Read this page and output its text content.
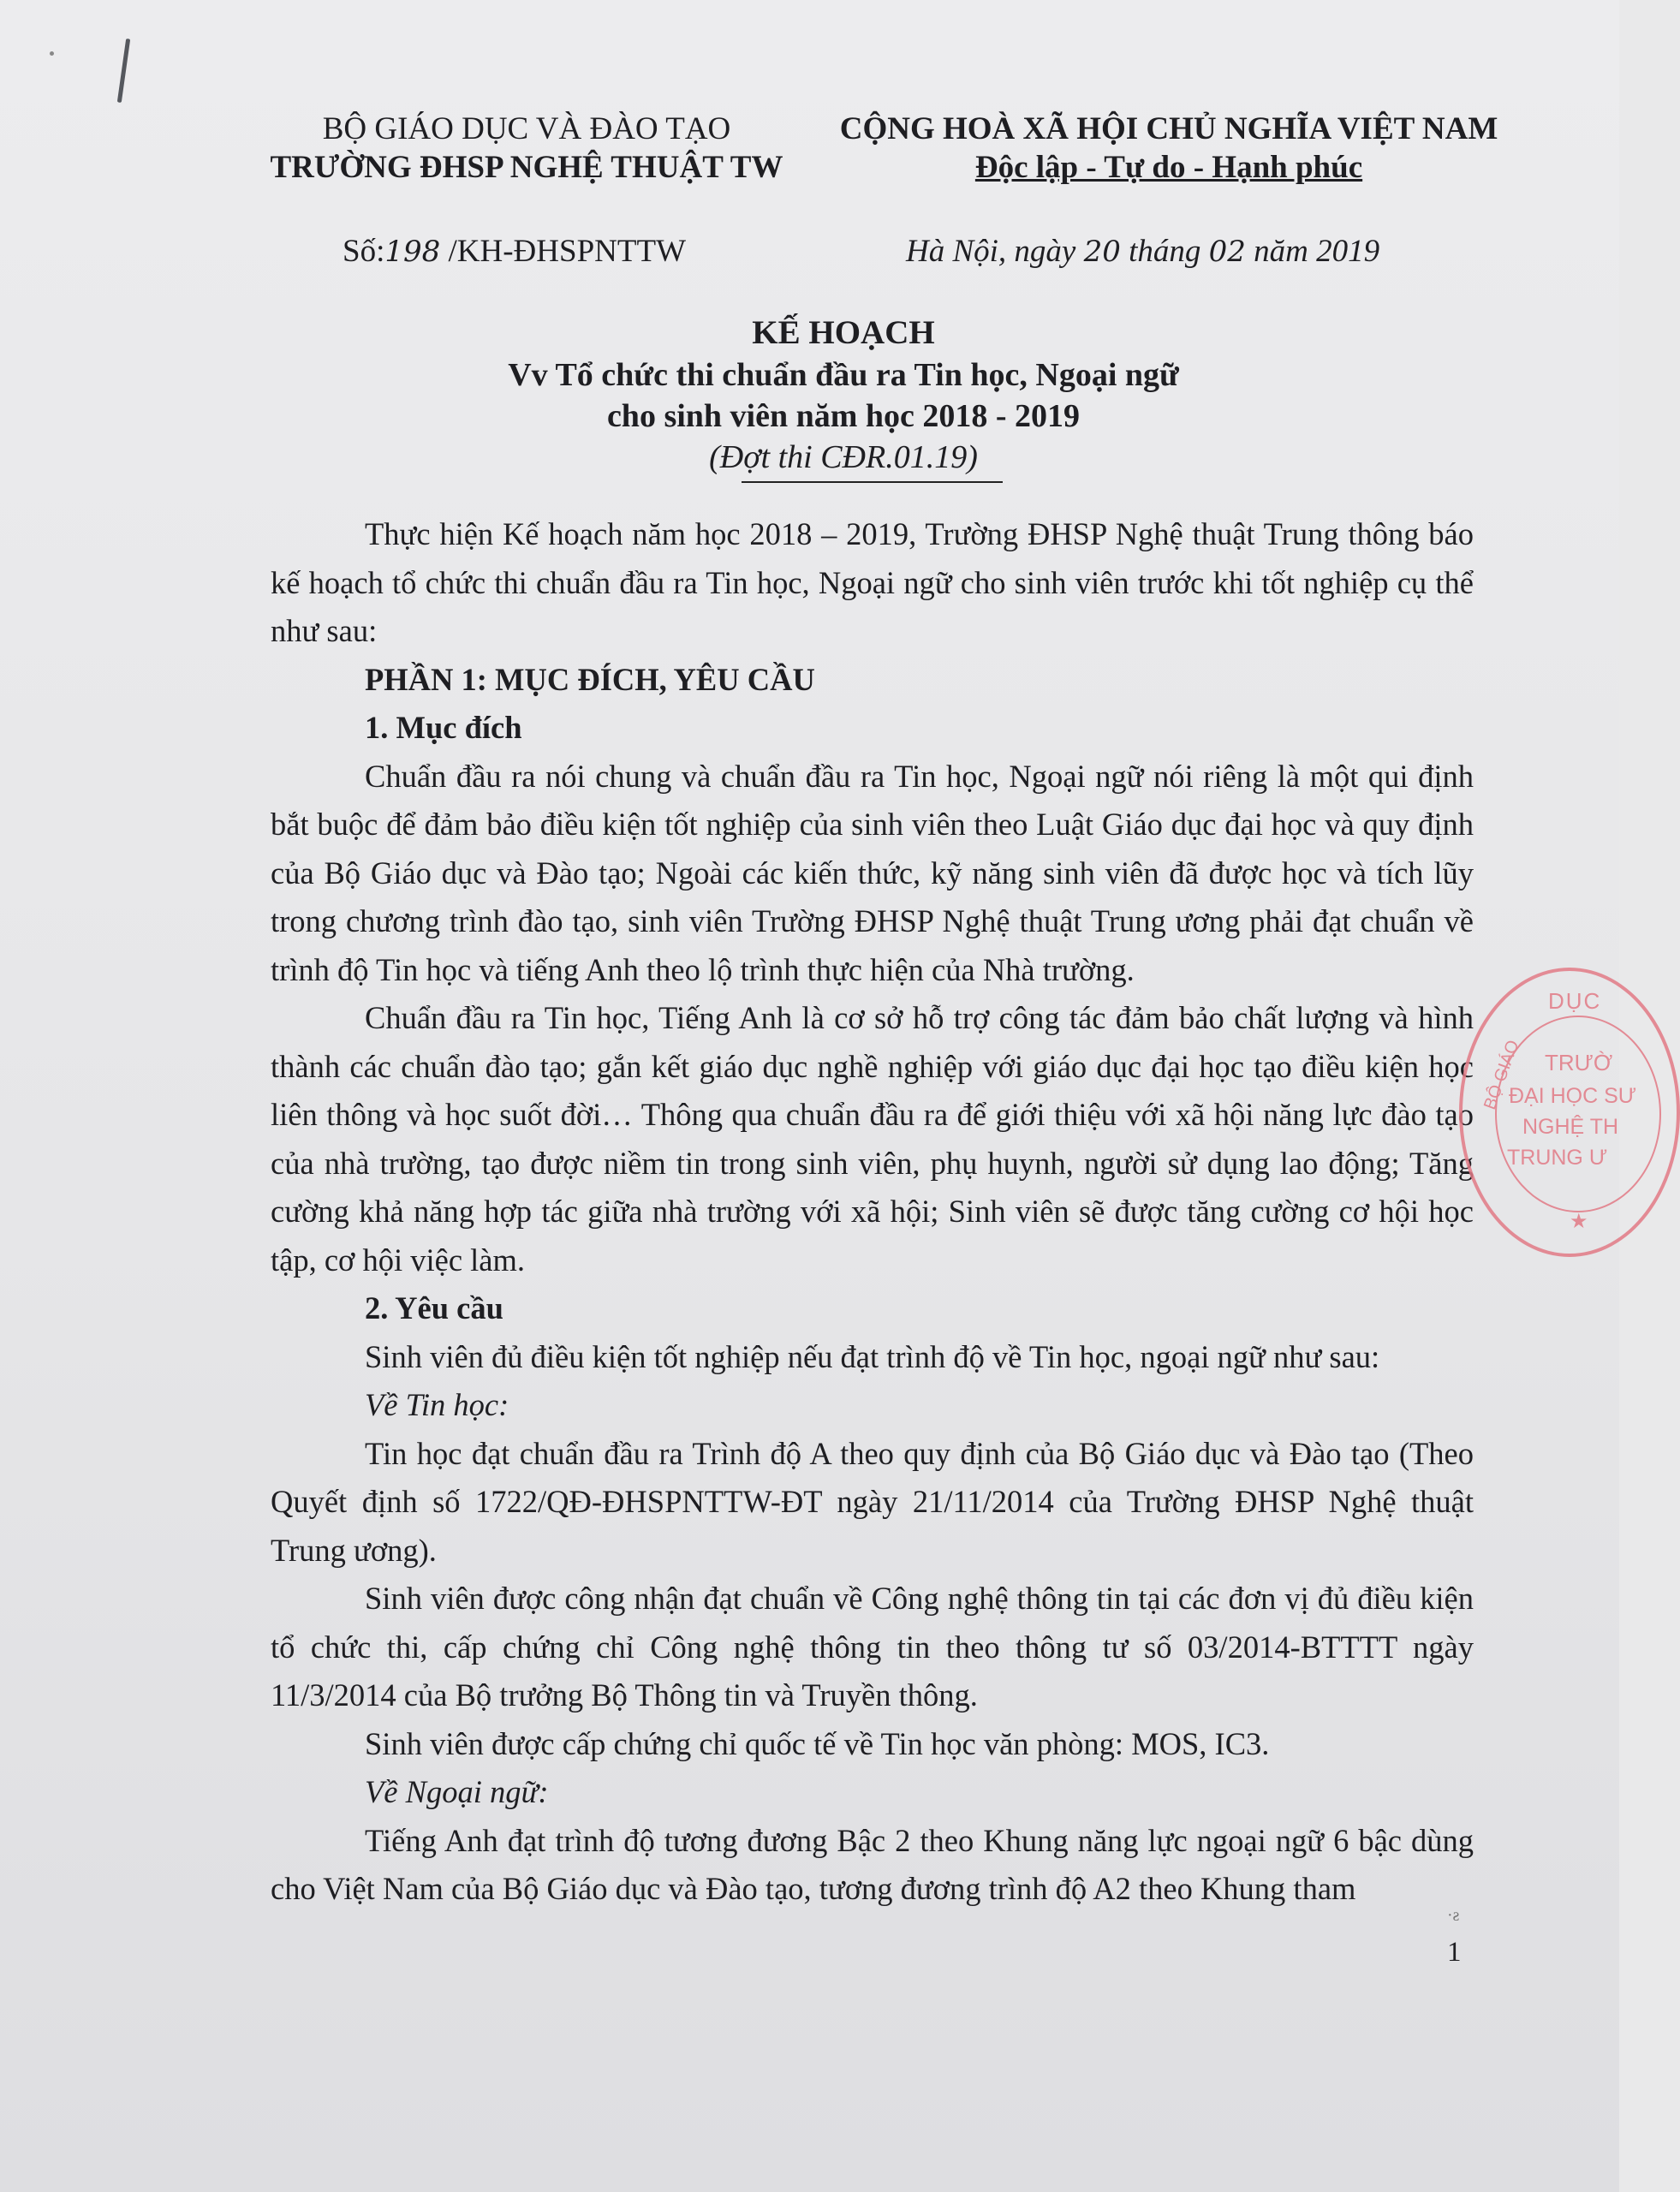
BỘ GIÁO DỤC VÀ ĐÀO TẠO
TRƯỜNG ĐHSP NGHỆ THUẬT TW
CỘNG HOÀ XÃ HỘI CHỦ NGHĨA VIỆT NAM
Độc lập - Tự do - Hạnh phúc
Số:198 /KH-ĐHSPNTTW	Hà Nội, ngày 20 tháng 02 năm 2019
KẾ HOẠCH
Vv Tổ chức thi chuẩn đầu ra Tin học, Ngoại ngữ
cho sinh viên năm học 2018 - 2019
(Đợt thi CĐR.01.19)

Thực hiện Kế hoạch năm học 2018 – 2019, Trường ĐHSP Nghệ thuật Trung thông báo kế hoạch tổ chức thi chuẩn đầu ra Tin học, Ngoại ngữ cho sinh viên trước khi tốt nghiệp cụ thể như sau:

PHẦN 1: MỤC ĐÍCH, YÊU CẦU

1. Mục đích

Chuẩn đầu ra nói chung và chuẩn đầu ra Tin học, Ngoại ngữ nói riêng là một qui định bắt buộc để đảm bảo điều kiện tốt nghiệp của sinh viên theo Luật Giáo dục đại học và quy định của Bộ Giáo dục và Đào tạo; Ngoài các kiến thức, kỹ năng sinh viên đã được học và tích lũy trong chương trình đào tạo, sinh viên Trường ĐHSP Nghệ thuật Trung ương phải đạt chuẩn về trình độ Tin học và tiếng Anh theo lộ trình thực hiện của Nhà trường.

Chuẩn đầu ra Tin học, Tiếng Anh là cơ sở hỗ trợ công tác đảm bảo chất lượng và hình thành các chuẩn đào tạo; gắn kết giáo dục nghề nghiệp với giáo dục đại học tạo điều kiện học liên thông và học suốt đời… Thông qua chuẩn đầu ra để giới thiệu với xã hội năng lực đào tạo của nhà trường, tạo được niềm tin trong sinh viên, phụ huynh, người sử dụng lao động; Tăng cường khả năng hợp tác giữa nhà trường với xã hội; Sinh viên sẽ được tăng cường cơ hội học tập, cơ hội việc làm.

2. Yêu cầu

Sinh viên đủ điều kiện tốt nghiệp nếu đạt trình độ về Tin học, ngoại ngữ như sau:

Về Tin học:

Tin học đạt chuẩn đầu ra Trình độ A theo quy định của Bộ Giáo dục và Đào tạo (Theo Quyết định số 1722/QĐ-ĐHSPNTTW-ĐT ngày 21/11/2014 của Trường ĐHSP Nghệ thuật Trung ương).

Sinh viên được công nhận đạt chuẩn về Công nghệ thông tin tại các đơn vị đủ điều kiện tổ chức thi, cấp chứng chỉ Công nghệ thông tin theo thông tư số 03/2014-BTTTT ngày 11/3/2014 của Bộ trưởng Bộ Thông tin và Truyền thông.

Sinh viên được cấp chứng chỉ quốc tế về Tin học văn phòng: MOS, IC3.

Về Ngoại ngữ:

Tiếng Anh đạt trình độ tương đương Bậc 2 theo Khung năng lực ngoại ngữ 6 bậc dùng cho Việt Nam của Bộ Giáo dục và Đào tạo, tương đương trình độ A2 theo Khung tham

DỤC
BỘ GIÁO TRƯỜ
ĐẠI HỌC SƯ
NGHỆ TH
TRUNG Ư
★
·ƨ
1
